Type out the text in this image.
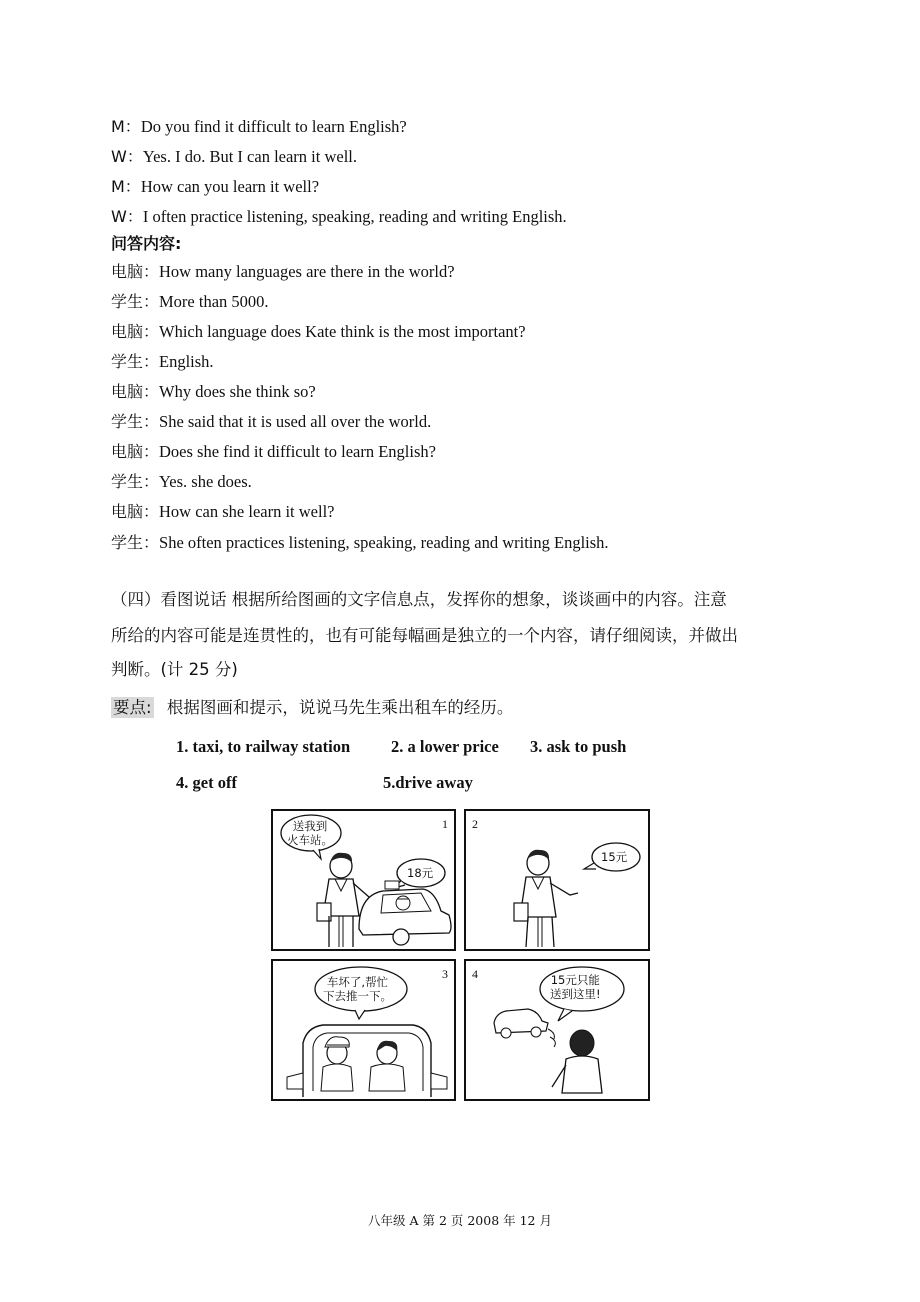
M：Do you find it difficult to learn English?
W：Yes. I do. But I can learn it well.
M：How can you learn it well?
W：I often practice listening, speaking, reading and writing English.
问答内容:
电脑：How many languages are there in the world?
学生：More than 5000.
电脑：Which language does Kate think is the most important?
学生：English.
电脑：Why does she think so?
学生：She said that it is used all over the world.
电脑：Does she find it difficult to learn English?
学生：Yes. she does.
电脑：How can she learn it well?
学生：She often practices listening, speaking, reading and writing English.
（四）看图说话 根据所给图画的文字信息点，发挥你的想象，谈谈画中的内容。注意
所给的内容可能是连贯性的，也有可能每幅画是独立的一个内容，请仔细阅读，并做出
判断。(计 25 分)
要点: 根据图画和提示，说说马先生乘出租车的经历。
1. taxi, to railway station 2. a lower price 3. ask to push
4. get off	5.drive away
1
送我到
火车站。
18元
2
15元
3
车坏了,帮忙
下去推一下。
4	15元只能
送到这里!
八年级 A 第 2 页 2008 年 12 月
